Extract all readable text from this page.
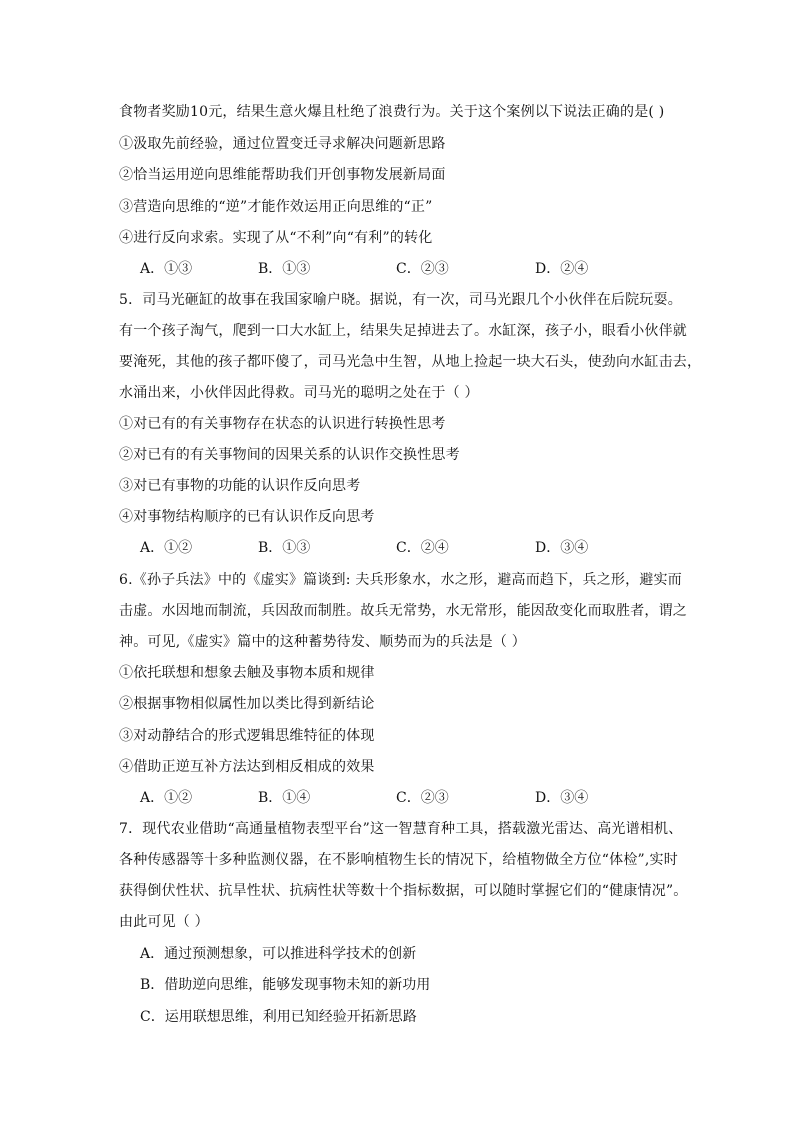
食物者奖励10元，结果生意火爆且杜绝了浪费行为。关于这个案例以下说法正确的是( )
①汲取先前经验，通过位置变迁寻求解决问题新思路
②恰当运用逆向思维能帮助我们开创事物发展新局面
③营造向思维的“逆”才能作效运用正向思维的“正”
④进行反向求索。实现了从“不利”向“有利”的转化
A．①③	B．①③	C．②③	D．②④
5．司马光砸缸的故事在我国家喻户晓。据说，有一次，司马光跟几个小伙伴在后院玩耍。
有一个孩子淘气，爬到一口大水缸上，结果失足掉进去了。水缸深，孩子小，眼看小伙伴就
要淹死，其他的孩子都吓傻了，司马光急中生智，从地上捡起一块大石头，使劲向水缸击去，
水涌出来，小伙伴因此得救。司马光的聪明之处在于（ ）
①对已有的有关事物存在状态的认识进行转换性思考
②对已有的有关事物间的因果关系的认识作交换性思考
③对已有事物的功能的认识作反向思考
④对事物结构顺序的已有认识作反向思考
A．①②	B．①③	C．②④	D．③④
6.《孙子兵法》中的《虚实》篇谈到: 夫兵形象水，水之形，避高而趋下，兵之形，避实而
击虚。水因地而制流，兵因敌而制胜。故兵无常势，水无常形，能因敌变化而取胜者，谓之
神。可见,《虚实》篇中的这种蓄势待发、顺势而为的兵法是（ ）
①依托联想和想象去触及事物本质和规律
②根据事物相似属性加以类比得到新结论
③对动静结合的形式逻辑思维特征的体现
④借助正逆互补方法达到相反相成的效果
A．①②	B．①④	C．②③	D．③④
7．现代农业借助“高通量植物表型平台”这一智慧育种工具，搭载激光雷达、高光谱相机、
各种传感器等十多种监测仪器，在不影响植物生长的情况下，给植物做全方位“体检”,实时
获得倒伏性状、抗旱性状、抗病性状等数十个指标数据，可以随时掌握它们的“健康情况”。
由此可见（ ）
A．通过预测想象，可以推进科学技术的创新
B．借助逆向思维，能够发现事物未知的新功用
C．运用联想思维，利用已知经验开拓新思路
